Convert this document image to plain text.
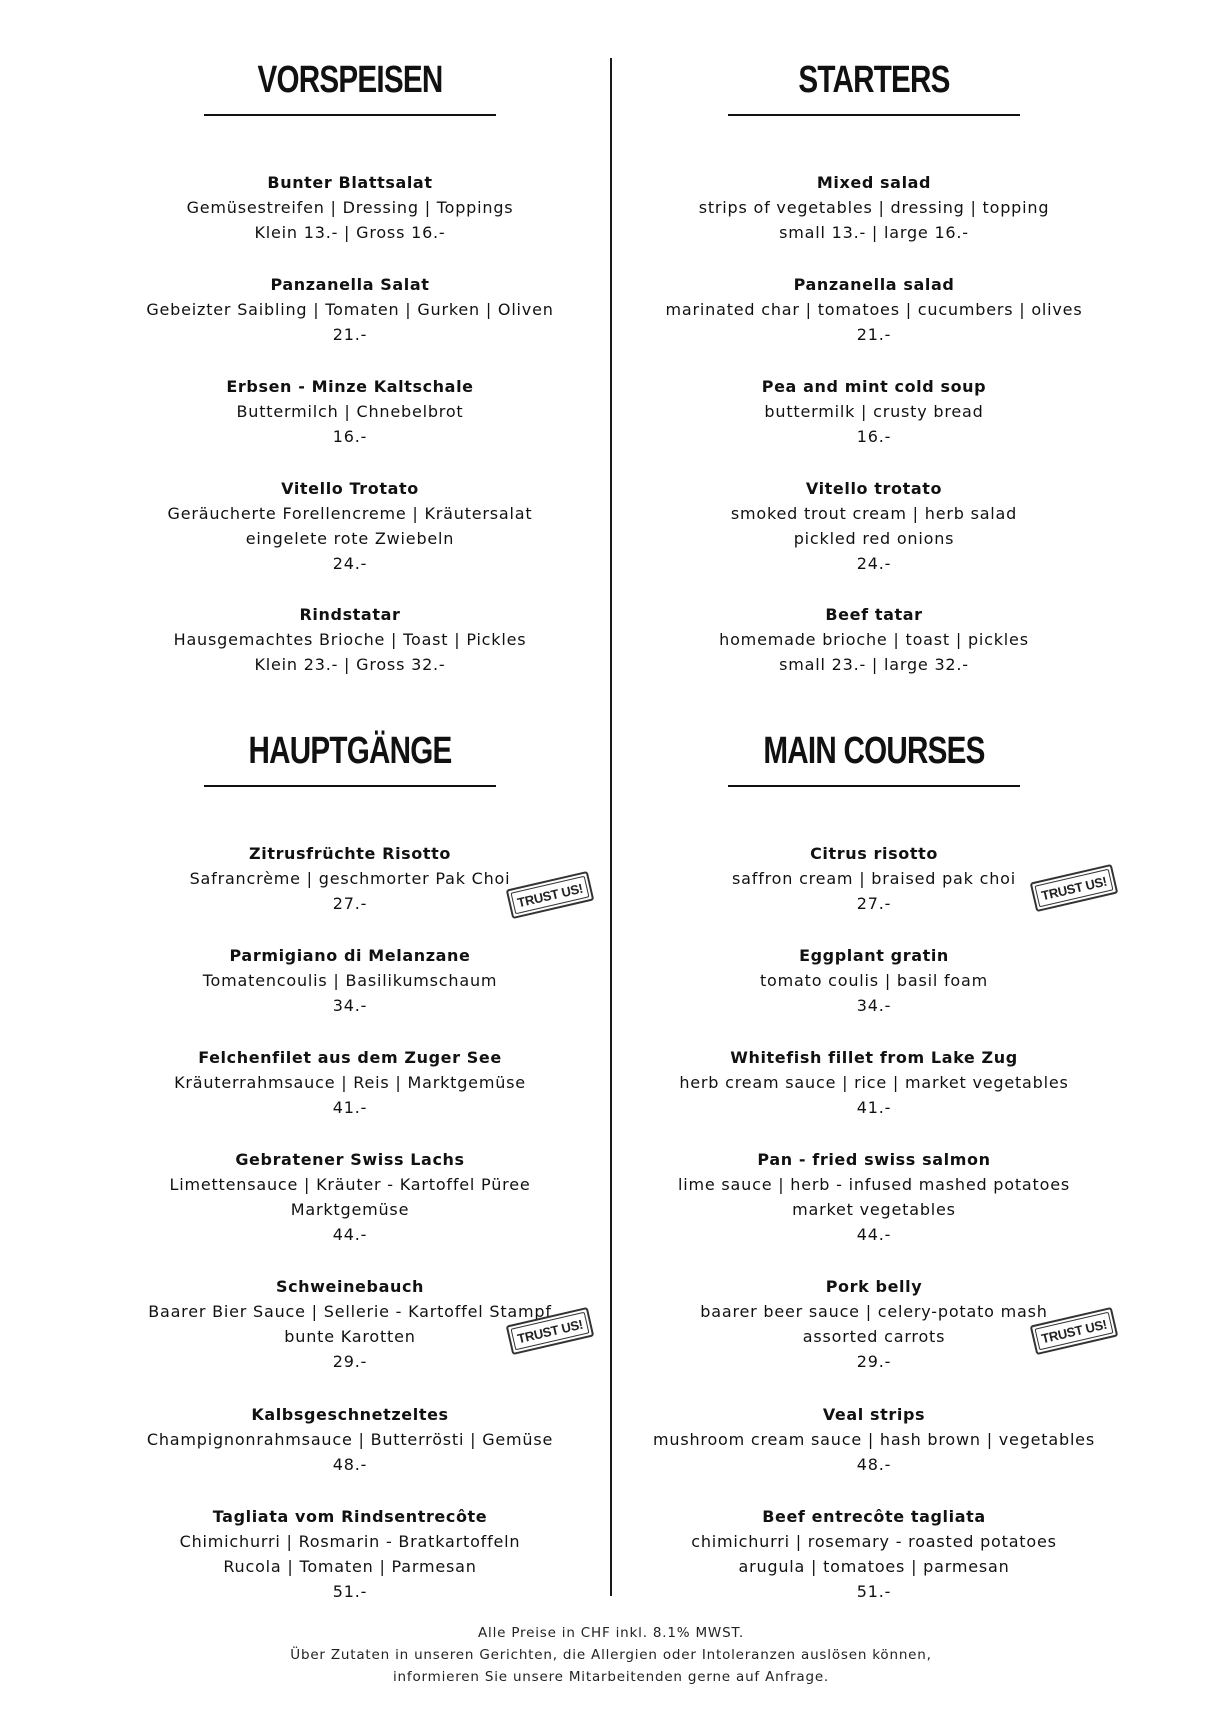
VORSPEISEN
Bunter Blattsalat
Gemüsestreifen | Dressing | Toppings
Klein 13.- | Gross 16.-
Panzanella Salat
Gebeizter Saibling | Tomaten | Gurken | Oliven
21.-
Erbsen - Minze Kaltschale
Buttermilch | Chnebelbrot
16.-
Vitello Trotato
Geräucherte Forellencreme | Kräutersalat
eingelete rote Zwiebeln
24.-
Rindstatar
Hausgemachtes Brioche | Toast | Pickles
Klein 23.- | Gross 32.-
HAUPTGÄNGE
Zitrusfrüchte Risotto
Safrancrème | geschmorter Pak Choi
27.-
Parmigiano di Melanzane
Tomatencoulis | Basilikumschaum
34.-
Felchenfilet aus dem Zuger See
Kräuterrahmsauce | Reis | Marktgemüse
41.-
Gebratener Swiss Lachs
Limettensauce | Kräuter - Kartoffel Püree
Marktgemüse
44.-
Schweinebauch
Baarer Bier Sauce | Sellerie - Kartoffel Stampf
bunte Karotten
29.-
Kalbsgeschnetzeltes
Champignonrahmsauce | Butterrösti | Gemüse
48.-
Tagliata vom Rindsentrecôte
Chimichurri | Rosmarin - Bratkartoffeln
Rucola | Tomaten | Parmesan
51.-
TRUST US!
TRUST US!
STARTERS
Mixed salad
strips of vegetables | dressing | topping
small 13.- | large 16.-
Panzanella salad
marinated char | tomatoes | cucumbers | olives
21.-
Pea and mint cold soup
buttermilk | crusty bread
16.-
Vitello trotato
smoked trout cream | herb salad
pickled red onions
24.-
Beef tatar
homemade brioche | toast | pickles
small 23.- | large 32.-
MAIN COURSES
Citrus risotto
saffron cream | braised pak choi
27.-
Eggplant gratin
tomato coulis | basil foam
34.-
Whitefish fillet from Lake Zug
herb cream sauce | rice | market vegetables
41.-
Pan - fried swiss salmon
lime sauce | herb - infused mashed potatoes
market vegetables
44.-
Pork belly
baarer beer sauce | celery-potato mash
assorted carrots
29.-
Veal strips
mushroom cream sauce | hash brown | vegetables
48.-
Beef entrecôte tagliata
chimichurri | rosemary - roasted potatoes
arugula | tomatoes | parmesan
51.-
TRUST US!
TRUST US!
Alle Preise in CHF inkl. 8.1% MWST.
Über Zutaten in unseren Gerichten, die Allergien oder Intoleranzen auslösen können,
informieren Sie unsere Mitarbeitenden gerne auf Anfrage.
